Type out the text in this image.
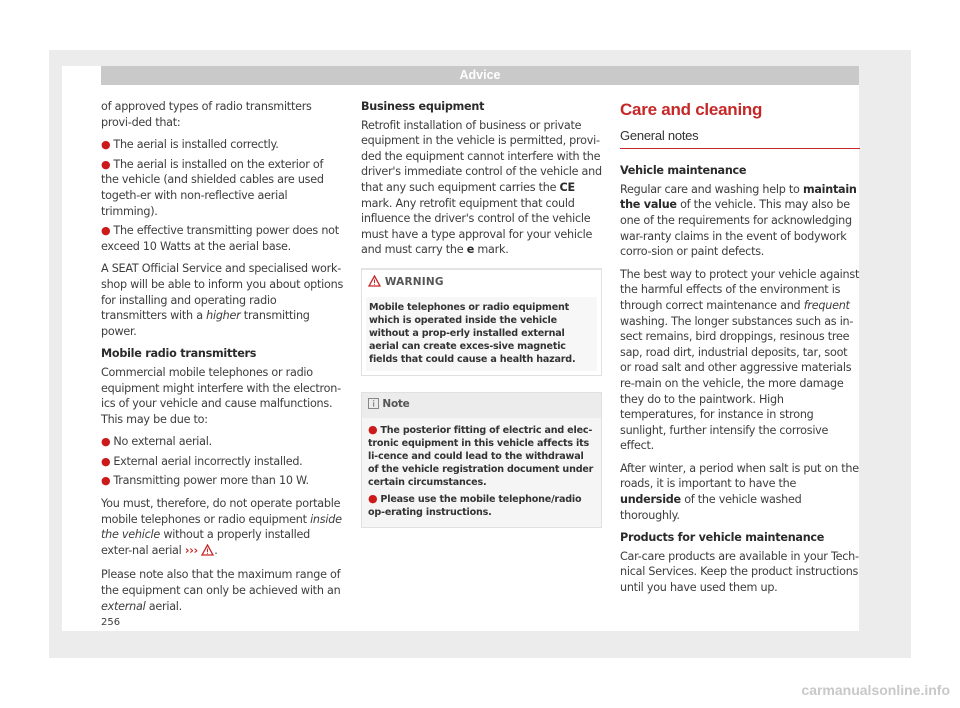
Advice

of approved types of radio transmitters provi-ded that:

● The aerial is installed correctly.
● The aerial is installed on the exterior of the vehicle (and shielded cables are used togeth-er with non-reflective aerial trimming).
● The effective transmitting power does not exceed 10 Watts at the aerial base.

A SEAT Official Service and specialised work-shop will be able to inform you about options for installing and operating radio transmitters with a higher transmitting power.

Mobile radio transmitters

Commercial mobile telephones or radio equipment might interfere with the electron-ics of your vehicle and cause malfunctions. This may be due to:

● No external aerial.
● External aerial incorrectly installed.
● Transmitting power more than 10 W.

You must, therefore, do not operate portable mobile telephones or radio equipment inside the vehicle without a properly installed exter-nal aerial ››› .

Please note also that the maximum range of the equipment can only be achieved with an external aerial.

Business equipment

Retrofit installation of business or private equipment in the vehicle is permitted, provi-ded the equipment cannot interfere with the driver's immediate control of the vehicle and that any such equipment carries the CE mark. Any retrofit equipment that could influence the driver's control of the vehicle must have a type approval for your vehicle and must carry the e mark.

WARNING
Mobile telephones or radio equipment which is operated inside the vehicle without a prop-erly installed external aerial can create exces-sive magnetic fields that could cause a health hazard.
Note
● The posterior fitting of electric and elec-tronic equipment in this vehicle affects its li-cence and could lead to the withdrawal of the vehicle registration document under certain circumstances.
● Please use the mobile telephone/radio op-erating instructions.
Care and cleaning
General notes
Vehicle maintenance

Regular care and washing help to maintain the value of the vehicle. This may also be one of the requirements for acknowledging war-ranty claims in the event of bodywork corro-sion or paint defects.

The best way to protect your vehicle against the harmful effects of the environment is through correct maintenance and frequent washing. The longer substances such as in-sect remains, bird droppings, resinous tree sap, road dirt, industrial deposits, tar, soot or road salt and other aggressive materials re-main on the vehicle, the more damage they do to the paintwork. High temperatures, for instance in strong sunlight, further intensify the corrosive effect.

After winter, a period when salt is put on the roads, it is important to have the underside of the vehicle washed thoroughly.

Products for vehicle maintenance

Car-care products are available in your Tech-nical Services. Keep the product instructions until you have used them up.

256
carmanualsonline.info
